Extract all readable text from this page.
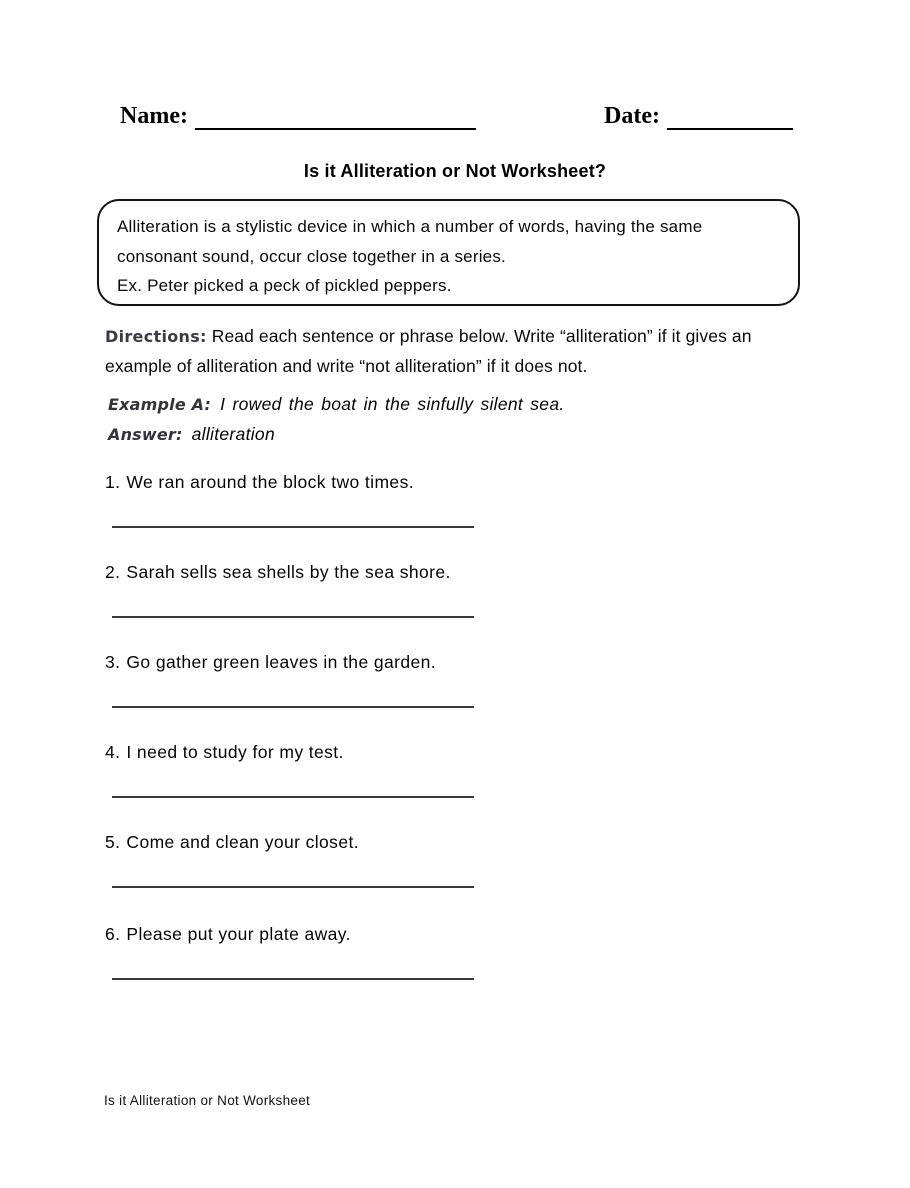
Name:	Date:
Is it Alliteration or Not Worksheet?
Alliteration is a stylistic device in which a number of words, having the same
consonant sound, occur close together in a series.
Ex. Peter picked a peck of pickled peppers.
Directions: Read each sentence or phrase below. Write “alliteration” if it gives an example of alliteration and write “not alliteration” if it does not.
Example A: I rowed the boat in the sinfully silent sea.
Answer: alliteration
1. We ran around the block two times.
2. Sarah sells sea shells by the sea shore.
3. Go gather green leaves in the garden.
4. I need to study for my test.
5. Come and clean your closet.
6. Please put your plate away.
Is it Alliteration or Not Worksheet
